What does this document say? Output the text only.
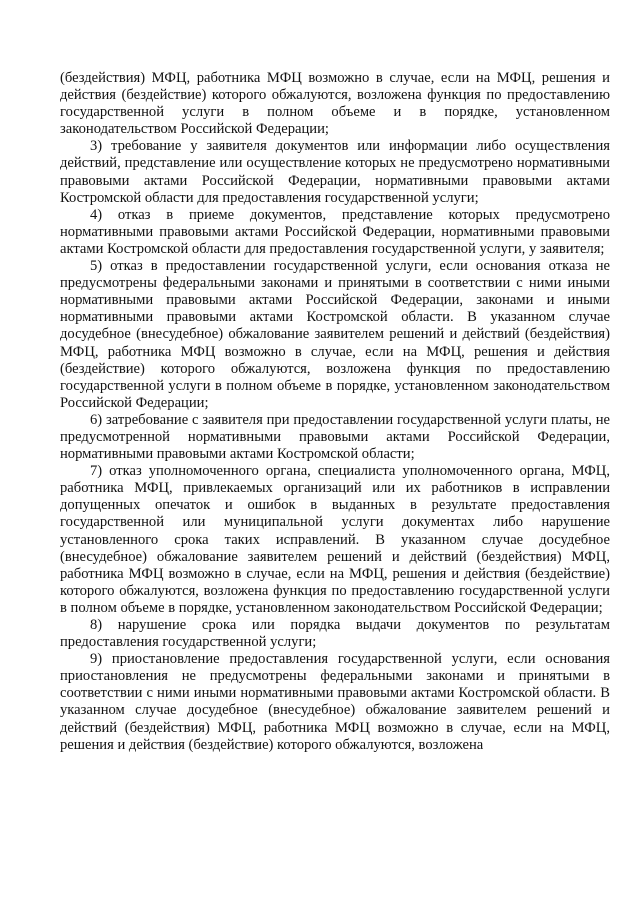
(бездействия) МФЦ, работника МФЦ возможно в случае, если на МФЦ, решения и действия (бездействие) которого обжалуются, возложена функция по предоставлению государственной услуги в полном объеме и в порядке, установленном законодательством Российской Федерации;

3) требование у заявителя документов или информации либо осуществления действий, представление или осуществление которых не предусмотрено нормативными правовыми актами Российской Федерации, нормативными правовыми актами Костромской области для предоставления государственной услуги;

4) отказ в приеме документов, представление которых предусмотрено нормативными правовыми актами Российской Федерации, нормативными правовыми актами Костромской области для предоставления государственной услуги, у заявителя;

5) отказ в предоставлении государственной услуги, если основания отказа не предусмотрены федеральными законами и принятыми в соответствии с ними иными нормативными правовыми актами Российской Федерации, законами и иными нормативными правовыми актами Костромской области. В указанном случае досудебное (внесудебное) обжалование заявителем решений и действий (бездействия) МФЦ, работника МФЦ возможно в случае, если на МФЦ, решения и действия (бездействие) которого обжалуются, возложена функция по предоставлению государственной услуги в полном объеме в порядке, установленном законодательством Российской Федерации;

6) затребование с заявителя при предоставлении государственной услуги платы, не предусмотренной нормативными правовыми актами Российской Федерации, нормативными правовыми актами Костромской области;

7) отказ уполномоченного органа, специалиста уполномоченного органа, МФЦ, работника МФЦ, привлекаемых организаций или их работников в исправлении допущенных опечаток и ошибок в выданных в результате предоставления государственной или муниципальной услуги документах либо нарушение установленного срока таких исправлений. В указанном случае досудебное (внесудебное) обжалование заявителем решений и действий (бездействия) МФЦ, работника МФЦ возможно в случае, если на МФЦ, решения и действия (бездействие) которого обжалуются, возложена функция по предоставлению государственной услуги в полном объеме в порядке, установленном законодательством Российской Федерации;

8) нарушение срока или порядка выдачи документов по результатам предоставления государственной услуги;

9) приостановление предоставления государственной услуги, если основания приостановления не предусмотрены федеральными законами и принятыми в соответствии с ними иными нормативными правовыми актами Костромской области. В указанном случае досудебное (внесудебное) обжалование заявителем решений и действий (бездействия) МФЦ, работника МФЦ возможно в случае, если на МФЦ, решения и действия (бездействие) которого обжалуются, возложена
